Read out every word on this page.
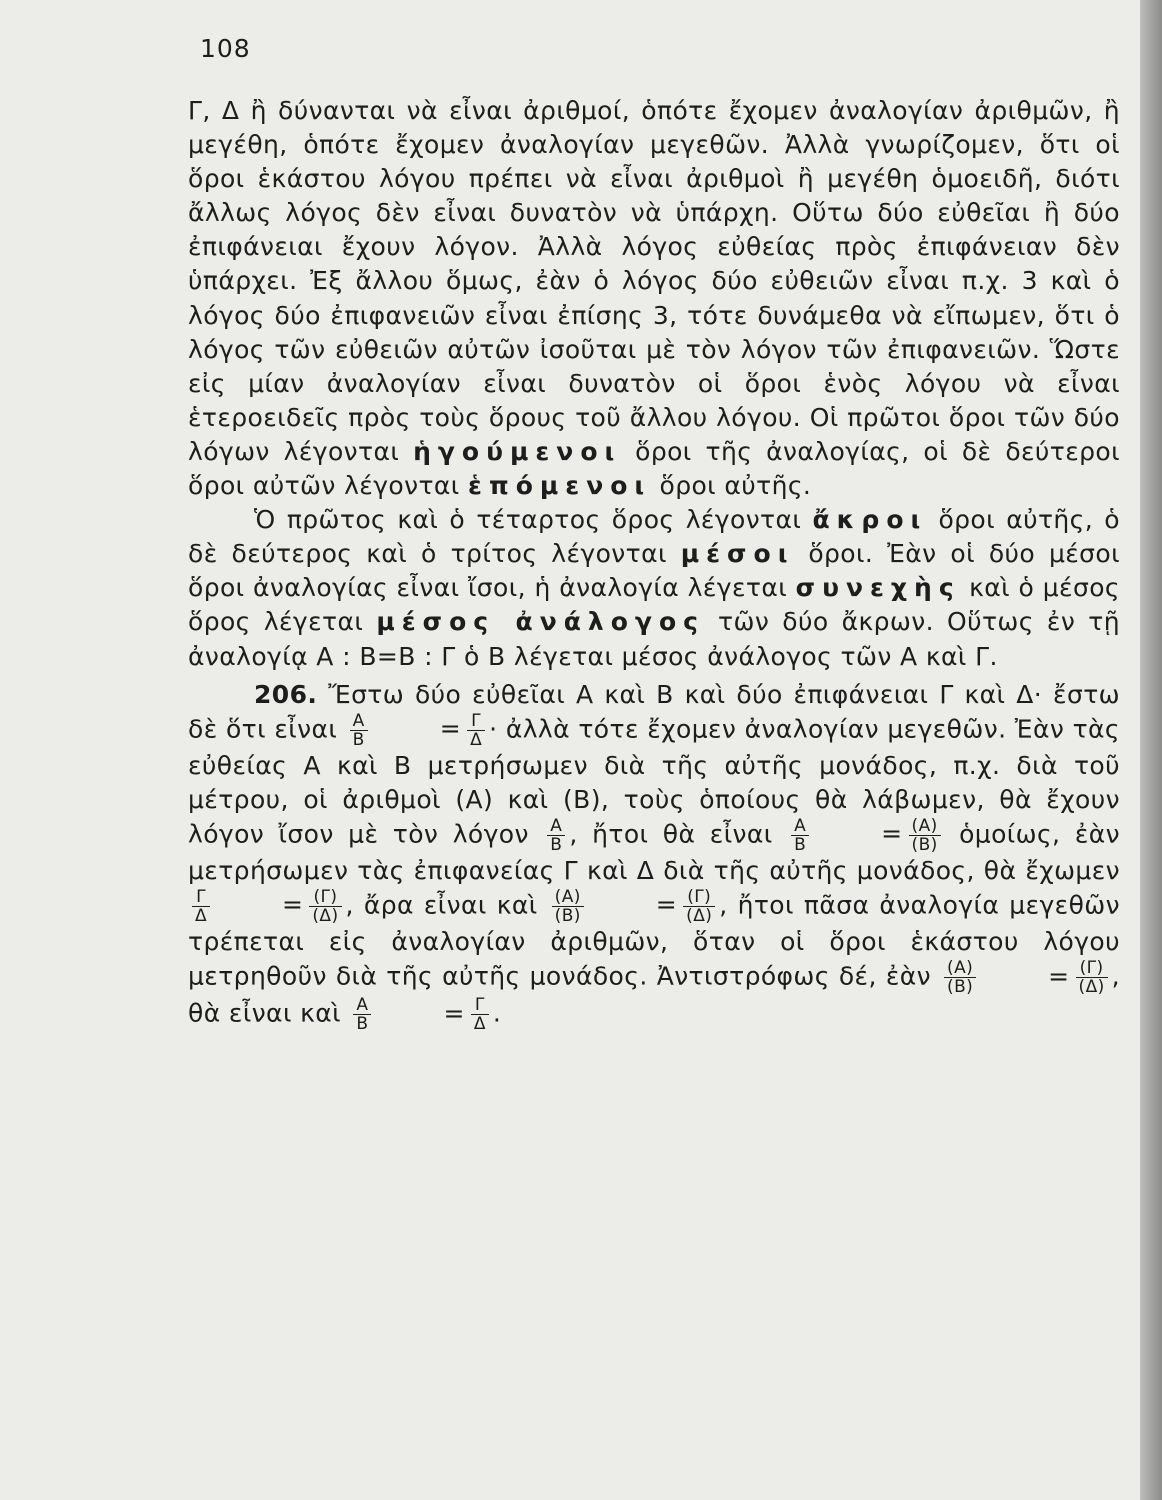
108

Γ, Δ ἢ δύνανται νὰ εἶναι ἀριθμοί, ὁπότε ἔχομεν ἀναλογίαν ἀριθμῶν, ἢ μεγέθη, ὁπότε ἔχομεν ἀναλογίαν μεγεθῶν. Ἀλλὰ γνωρίζομεν, ὅτι οἱ ὅροι ἑκάστου λόγου πρέπει νὰ εἶναι ἀριθμοὶ ἢ μεγέθη ὁμοειδῆ, διότι ἄλλως λόγος δὲν εἶναι δυνατὸν νὰ ὑπάρχη. Οὕτω δύο εὐθεῖαι ἢ δύο ἐπιφάνειαι ἔχουν λόγον. Ἀλλὰ λόγος εὐθείας πρὸς ἐπιφάνειαν δὲν ὑπάρχει. Ἐξ ἄλλου ὅμως, ἐὰν ὁ λόγος δύο εὐθειῶν εἶναι π.χ. 3 καὶ ὁ λόγος δύο ἐπιφανειῶν εἶναι ἐπίσης 3, τότε δυνάμεθα νὰ εἴπωμεν, ὅτι ὁ λόγος τῶν εὐθειῶν αὐτῶν ἰσοῦται μὲ τὸν λόγον τῶν ἐπιφανειῶν. Ὥστε εἰς μίαν ἀναλογίαν εἶναι δυνατὸν οἱ ὅροι ἑνὸς λόγου νὰ εἶναι ἑτεροειδεῖς πρὸς τοὺς ὅρους τοῦ ἄλλου λόγου. Οἱ πρῶτοι ὅροι τῶν δύο λόγων λέγονται ἡγούμενοι ὅροι τῆς ἀναλογίας, οἱ δὲ δεύτεροι ὅροι αὐτῶν λέγονται ἑπόμενοι ὅροι αὐτῆς.

Ὁ πρῶτος καὶ ὁ τέταρτος ὅρος λέγονται ἄκροι ὅροι αὐτῆς, ὁ δὲ δεύτερος καὶ ὁ τρίτος λέγονται μέσοι ὅροι. Ἐὰν οἱ δύο μέσοι ὅροι ἀναλογίας εἶναι ἴσοι, ἡ ἀναλογία λέγεται συνεχὴς καὶ ὁ μέσος ὅρος λέγεται μέσος ἀνάλογος τῶν δύο ἄκρων. Οὕτως ἐν τῇ ἀναλογίᾳ Α : Β=Β : Γ ὁ Β λέγεται μέσος ἀνάλογος τῶν Α καὶ Γ.

206. Ἔστω δύο εὐθεῖαι Α καὶ Β καὶ δύο ἐπιφάνειαι Γ καὶ Δ· ἔστω δὲ ὅτι εἶναι $\frac{A}{B}$	= $\frac{\Gamma}{\Delta}$ · ἀλλὰ τότε ἔχομεν ἀναλογίαν μεγεθῶν. Ἐὰν τὰς εὐθείας Α καὶ Β μετρήσωμεν διὰ τῆς αὐτῆς μονάδος, π.χ. διὰ τοῦ μέτρου, οἱ ἀριθμοὶ (Α) καὶ (Β), τοὺς ὁποίους θὰ λάβωμεν, θὰ ἔχουν λόγον ἴσον μὲ τὸν λόγον $\frac{A}{B}$ , ἤτοι θὰ εἶναι $\frac{A}{B}$	= $\frac{(A)}{(B)}$ ὁμοίως, ἐὰν μετρήσωμεν τὰς ἐπιφανείας Γ καὶ Δ διὰ τῆς αὐτῆς μονάδος, θὰ ἔχωμεν
$\frac{\Gamma}{\Delta}$	= $\frac{(\Gamma)}{(\Delta)}$ , ἄρα εἶναι καὶ $\frac{(A)}{(B)}$	= $\frac{(\Gamma)}{(\Delta)}$ , ἤτοι πᾶσα ἀναλογία μεγεθῶν τρέπεται εἰς ἀναλογίαν ἀριθμῶν, ὅταν οἱ ὅροι ἑκάστου λόγου μετρηθοῦν διὰ τῆς αὐτῆς μονάδος. Ἀντιστρόφως δέ, ἐὰν $\frac{(A)}{(B)}$	= $\frac{(\Gamma)}{(\Delta)}$ , θὰ εἶναι καὶ $\frac{A}{B}$	= $\frac{\Gamma}{\Delta}$ .
